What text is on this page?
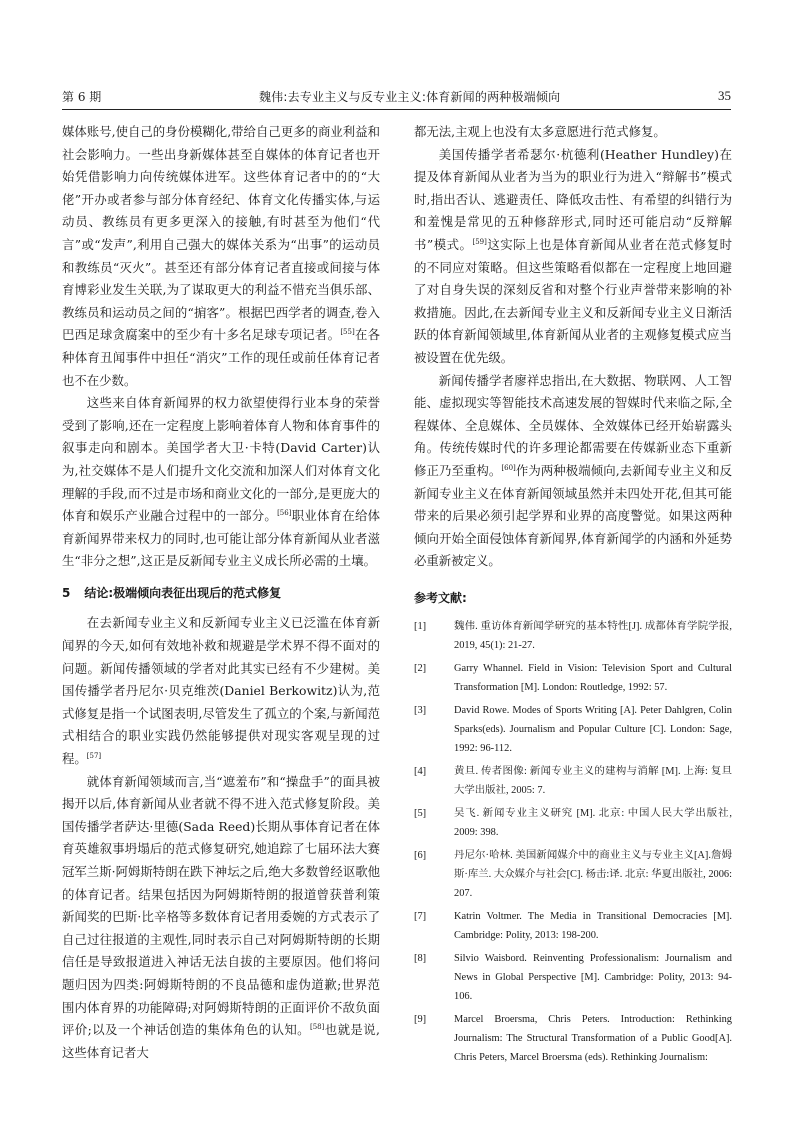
第 6 期	魏伟:去专业主义与反专业主义:体育新闻的两种极端倾向	35

媒体账号,使自己的身份模糊化,带给自己更多的商业利益和社会影响力。一些出身新媒体甚至自媒体的体育记者也开始凭借影响力向传统媒体进军。这些体育记者中的的“大佬”开办或者参与部分体育经纪、体育文化传播实体,与运动员、教练员有更多更深入的接触,有时甚至为他们“代言”或“发声”,利用自己强大的媒体关系为“出事”的运动员和教练员“灭火”。甚至还有部分体育记者直接或间接与体育博彩业发生关联,为了谋取更大的利益不惜充当俱乐部、教练员和运动员之间的“掮客”。根据巴西学者的调查,卷入巴西足球贪腐案中的至少有十多名足球专项记者。[55]在各种体育丑闻事件中担任“消灾”工作的现任或前任体育记者也不在少数。

这些来自体育新闻界的权力欲望使得行业本身的荣誉受到了影响,还在一定程度上影响着体育人物和体育事件的叙事走向和剧本。美国学者大卫·卡特(David Carter)认为,社交媒体不是人们提升文化交流和加深人们对体育文化理解的手段,而不过是市场和商业文化的一部分,是更庞大的体育和娱乐产业融合过程中的一部分。[56]职业体育在给体育新闻界带来权力的同时,也可能让部分体育新闻从业者滋生“非分之想”,这正是反新闻专业主义成长所必需的土壤。

5 结论:极端倾向表征出现后的范式修复

在去新闻专业主义和反新闻专业主义已泛滥在体育新闻界的今天,如何有效地补救和规避是学术界不得不面对的问题。新闻传播领域的学者对此其实已经有不少建树。美国传播学者丹尼尔·贝克维茨(Daniel Berkowitz)认为,范式修复是指一个试图表明,尽管发生了孤立的个案,与新闻范式相结合的职业实践仍然能够提供对现实客观呈现的过程。[57]

就体育新闻领域而言,当“遮羞布”和“操盘手”的面具被揭开以后,体育新闻从业者就不得不进入范式修复阶段。美国传播学者萨达·里德(Sada Reed)长期从事体育记者在体育英雄叙事坍塌后的范式修复研究,她追踪了七届环法大赛冠军兰斯·阿姆斯特朗在跌下神坛之后,绝大多数曾经讴歌他的体育记者。结果包括因为阿姆斯特朗的报道曾获普利策新闻奖的巴斯·比辛格等多数体育记者用委婉的方式表示了自己过往报道的主观性,同时表示自己对阿姆斯特朗的长期信任是导致报道进入神话无法自拔的主要原因。他们将问题归因为四类:阿姆斯特朗的不良品德和虚伪道歉;世界范围内体育界的功能障碍;对阿姆斯特朗的正面评价不敌负面评价;以及一个神话创造的集体角色的认知。[58]也就是说,这些体育记者大

都无法,主观上也没有太多意愿进行范式修复。

美国传播学者希瑟尔·杭德利(Heather Hundley)在提及体育新闻从业者为当为的职业行为进入“辩解书”模式时,指出否认、逃避责任、降低攻击性、有希望的纠错行为和羞愧是常见的五种修辞形式,同时还可能启动“反辩解书”模式。[59]这实际上也是体育新闻从业者在范式修复时的不同应对策略。但这些策略看似都在一定程度上地回避了对自身失误的深刻反省和对整个行业声誉带来影响的补救措施。因此,在去新闻专业主义和反新闻专业主义日渐活跃的体育新闻领域里,体育新闻从业者的主观修复模式应当被设置在优先级。

新闻传播学者廖祥忠指出,在大数据、物联网、人工智能、虚拟现实等智能技术高速发展的智媒时代来临之际,全程媒体、全息媒体、全员媒体、全效媒体已经开始崭露头角。传统传媒时代的许多理论都需要在传媒新业态下重新修正乃至重构。[60]作为两种极端倾向,去新闻专业主义和反新闻专业主义在体育新闻领域虽然并未四处开花,但其可能带来的后果必须引起学界和业界的高度警觉。如果这两种倾向开始全面侵蚀体育新闻界,体育新闻学的内涵和外延势必重新被定义。

参考文献:
[1]	魏伟. 重访体育新闻学研究的基本特性[J]. 成都体育学院学报, 2019, 45(1): 21-27.
[2]	Garry Whannel. Field in Vision: Television Sport and Cultural Transformation [M]. London: Routledge, 1992: 57.
[3]	David Rowe. Modes of Sports Writing [A]. Peter Dahlgren, Colin Sparks(eds). Journalism and Popular Culture [C]. London: Sage, 1992: 96-112.
[4]	黄旦. 传者图像: 新闻专业主义的建构与消解 [M]. 上海: 复旦大学出版社, 2005: 7.
[5]	吴飞. 新闻专业主义研究 [M]. 北京: 中国人民大学出版社, 2009: 398.
[6]	丹尼尔·哈林. 美国新闻媒介中的商业主义与专业主义[A].詹姆斯·库兰. 大众媒介与社会[C]. 杨击:译. 北京: 华夏出版社, 2006: 207.
[7]	Katrin Voltmer. The Media in Transitional Democracies [M]. Cambridge: Polity, 2013: 198-200.
[8]	Silvio Waisbord. Reinventing Professionalism: Journalism and News in Global Perspective [M]. Cambridge: Polity, 2013: 94-106.
[9]	Marcel Broersma, Chris Peters. Introduction: Rethinking Journalism: The Structural Transformation of a Public Good[A]. Chris Peters, Marcel Broersma (eds). Rethinking Journalism:
